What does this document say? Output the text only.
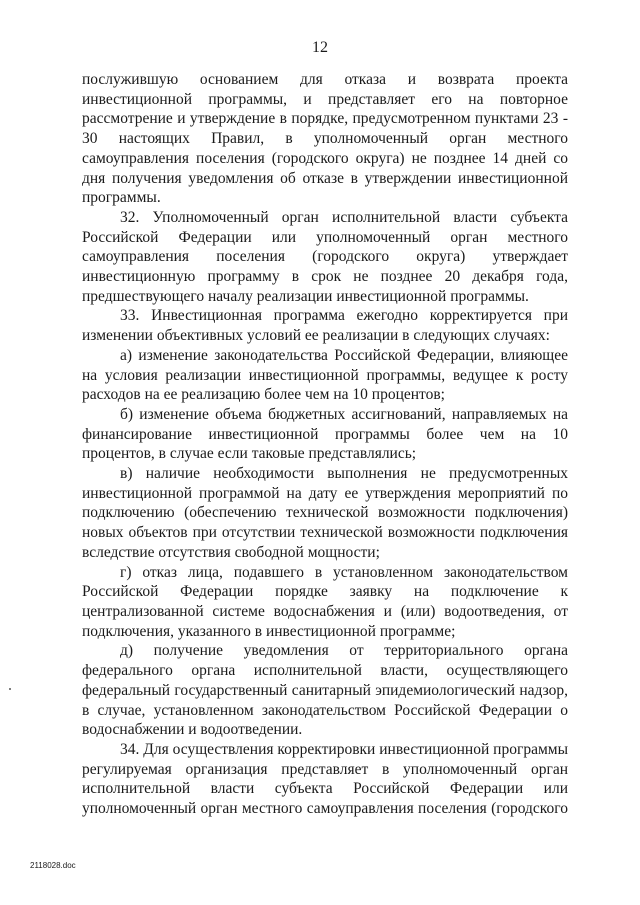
12

послужившую основанием для отказа и возврата проекта инвестиционной программы, и представляет его на повторное рассмотрение и утверждение в порядке, предусмотренном пунктами 23 - 30 настоящих Правил, в уполномоченный орган местного самоуправления поселения (городского округа) не позднее 14 дней со дня получения уведомления об отказе в утверждении инвестиционной программы.

32. Уполномоченный орган исполнительной власти субъекта Российской Федерации или уполномоченный орган местного самоуправления поселения (городского округа) утверждает инвестиционную программу в срок не позднее 20 декабря года, предшествующего началу реализации инвестиционной программы.

33. Инвестиционная программа ежегодно корректируется при изменении объективных условий ее реализации в следующих случаях:

а) изменение законодательства Российской Федерации, влияющее на условия реализации инвестиционной программы, ведущее к росту расходов на ее реализацию более чем на 10 процентов;

б) изменение объема бюджетных ассигнований, направляемых на финансирование инвестиционной программы более чем на 10 процентов, в случае если таковые представлялись;

в) наличие необходимости выполнения не предусмотренных инвестиционной программой на дату ее утверждения мероприятий по подключению (обеспечению технической возможности подключения) новых объектов при отсутствии технической возможности подключения вследствие отсутствия свободной мощности;

г) отказ лица, подавшего в установленном законодательством Российской Федерации порядке заявку на подключение к централизованной системе водоснабжения и (или) водоотведения, от подключения, указанного в инвестиционной программе;

д) получение уведомления от территориального органа федерального органа исполнительной власти, осуществляющего федеральный государственный санитарный эпидемиологический надзор, в случае, установленном законодательством Российской Федерации о водоснабжении и водоотведении.

34. Для осуществления корректировки инвестиционной программы регулируемая организация представляет в уполномоченный орган исполнительной власти субъекта Российской Федерации или уполномоченный орган местного самоуправления поселения (городского

2118028.doc
